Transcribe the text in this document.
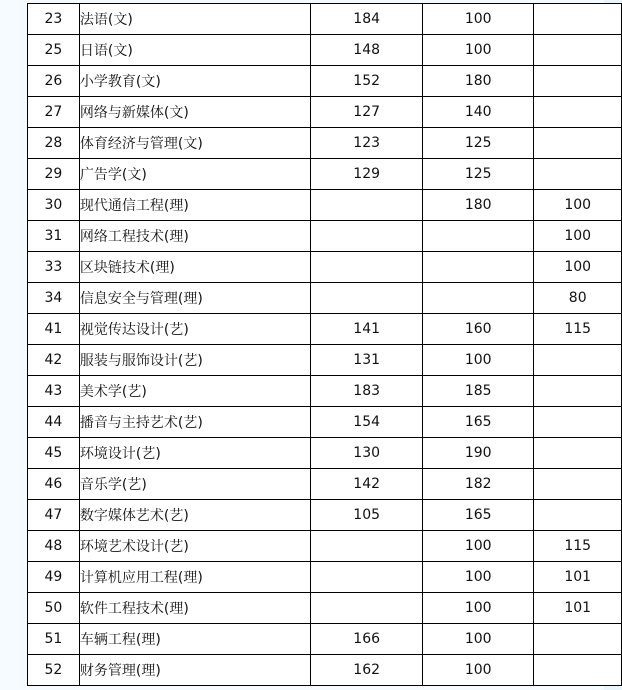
23	法语(文)	184	100	
25	日语(文)	148	100	
26	小学教育(文)	152	180	
27	网络与新媒体(文)	127	140	
28	体育经济与管理(文)	123	125	
29	广告学(文)	129	125	
30	现代通信工程(理)		180	100
31	网络工程技术(理)			100
33	区块链技术(理)			100
34	信息安全与管理(理)			80
41	视觉传达设计(艺)	141	160	115
42	服装与服饰设计(艺)	131	100	
43	美术学(艺)	183	185	
44	播音与主持艺术(艺)	154	165	
45	环境设计(艺)	130	190	
46	音乐学(艺)	142	182	
47	数字媒体艺术(艺)	105	165	
48	环境艺术设计(艺)		100	115
49	计算机应用工程(理)		100	101
50	软件工程技术(理)		100	101
51	车辆工程(理)	166	100	
52	财务管理(理)	162	100	
